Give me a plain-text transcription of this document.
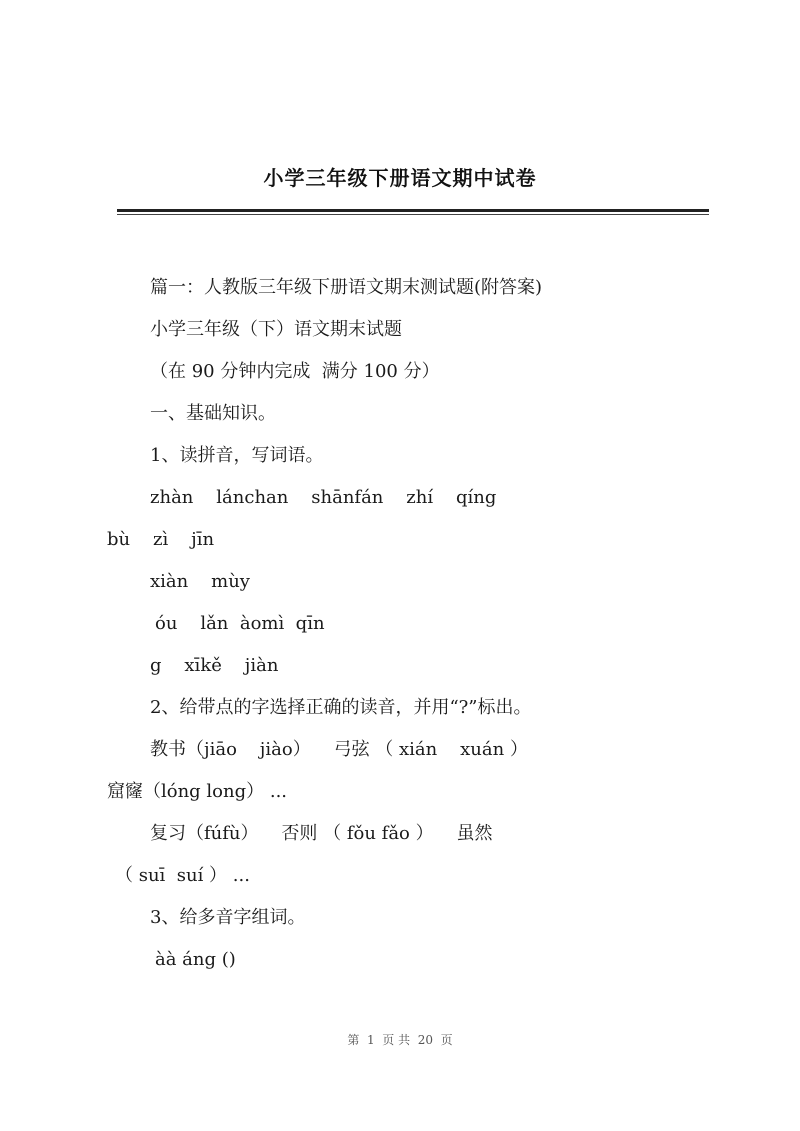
小学三年级下册语文期中试卷
篇一：人教版三年级下册语文期末测试题(附答案)
小学三年级（下）语文期末试题
（在 90 分钟内完成  满分 100 分）
一、基础知识。
1、读拼音，写词语。
zhàn    lánchan    shānfán    zhí    qíng
bù    zì    jīn
xiàn    mùy
óu    lǎn  àomì  qīn
g    xīkě    jiàn
2、给带点的字选择正确的读音，并用“?”标出。
教书（jiāo    jiào）    弓弦 （ xián    xuán ）
窟窿（lóng long） ...
复习（fúfù）    否则 （ fǒu fǎo ）    虽然
（ suī  suí ） ...
3、给多音字组词。
àà áng ()
第  1  页 共  20  页
